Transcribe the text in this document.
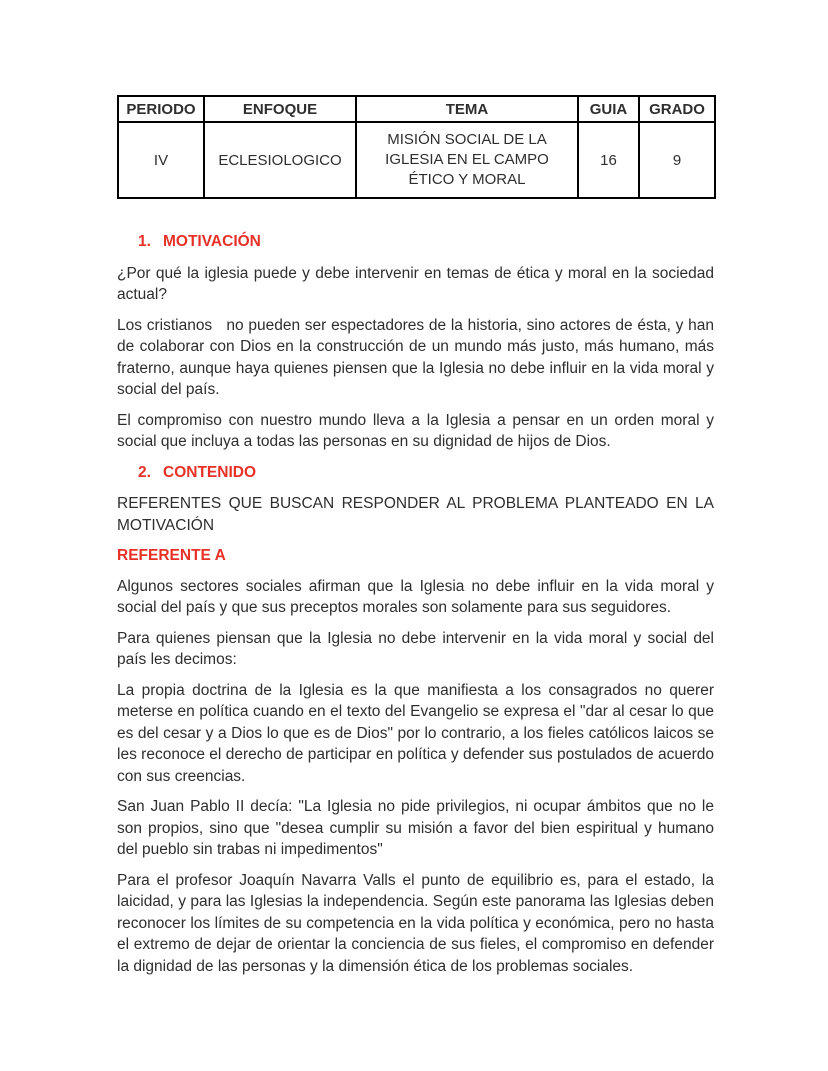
PERIODO	ENFOQUE	TEMA	GUIA	GRADO
IV	ECLESIOLOGICO	MISIÓN SOCIAL DE LA IGLESIA EN EL CAMPO ÉTICO Y MORAL	16	9
1. MOTIVACIÓN

¿Por qué la iglesia puede y debe intervenir en temas de ética y moral en la sociedad actual?

Los cristianos   no pueden ser espectadores de la historia, sino actores de ésta, y han de colaborar con Dios en la construcción de un mundo más justo, más humano, más fraterno, aunque haya quienes piensen que la Iglesia no debe influir en la vida moral y social del país.

El compromiso con nuestro mundo lleva a la Iglesia a pensar en un orden moral y social que incluya a todas las personas en su dignidad de hijos de Dios.

2. CONTENIDO

REFERENTES QUE BUSCAN RESPONDER AL PROBLEMA PLANTEADO EN LA MOTIVACIÓN

REFERENTE A

Algunos sectores sociales afirman que la Iglesia no debe influir en la vida moral y social del país y que sus preceptos morales son solamente para sus seguidores.

Para quienes piensan que la Iglesia no debe intervenir en la vida moral y social del país les decimos:

La propia doctrina de la Iglesia es la que manifiesta a los consagrados no querer meterse en política cuando en el texto del Evangelio se expresa el "dar al cesar lo que es del cesar y a Dios lo que es de Dios" por lo contrario, a los fieles católicos laicos se les reconoce el derecho de participar en política y defender sus postulados de acuerdo con sus creencias.

San Juan Pablo II decía: "La Iglesia no pide privilegios, ni ocupar ámbitos que no le son propios, sino que "desea cumplir su misión a favor del bien espiritual y humano del pueblo sin trabas ni impedimentos"

Para el profesor Joaquín Navarra Valls el punto de equilibrio es, para el estado, la laicidad, y para las Iglesias la independencia. Según este panorama las Iglesias deben reconocer los límites de su competencia en la vida política y económica, pero no hasta el extremo de dejar de orientar la conciencia de sus fieles, el compromiso en defender la dignidad de las personas y la dimensión ética de los problemas sociales.
